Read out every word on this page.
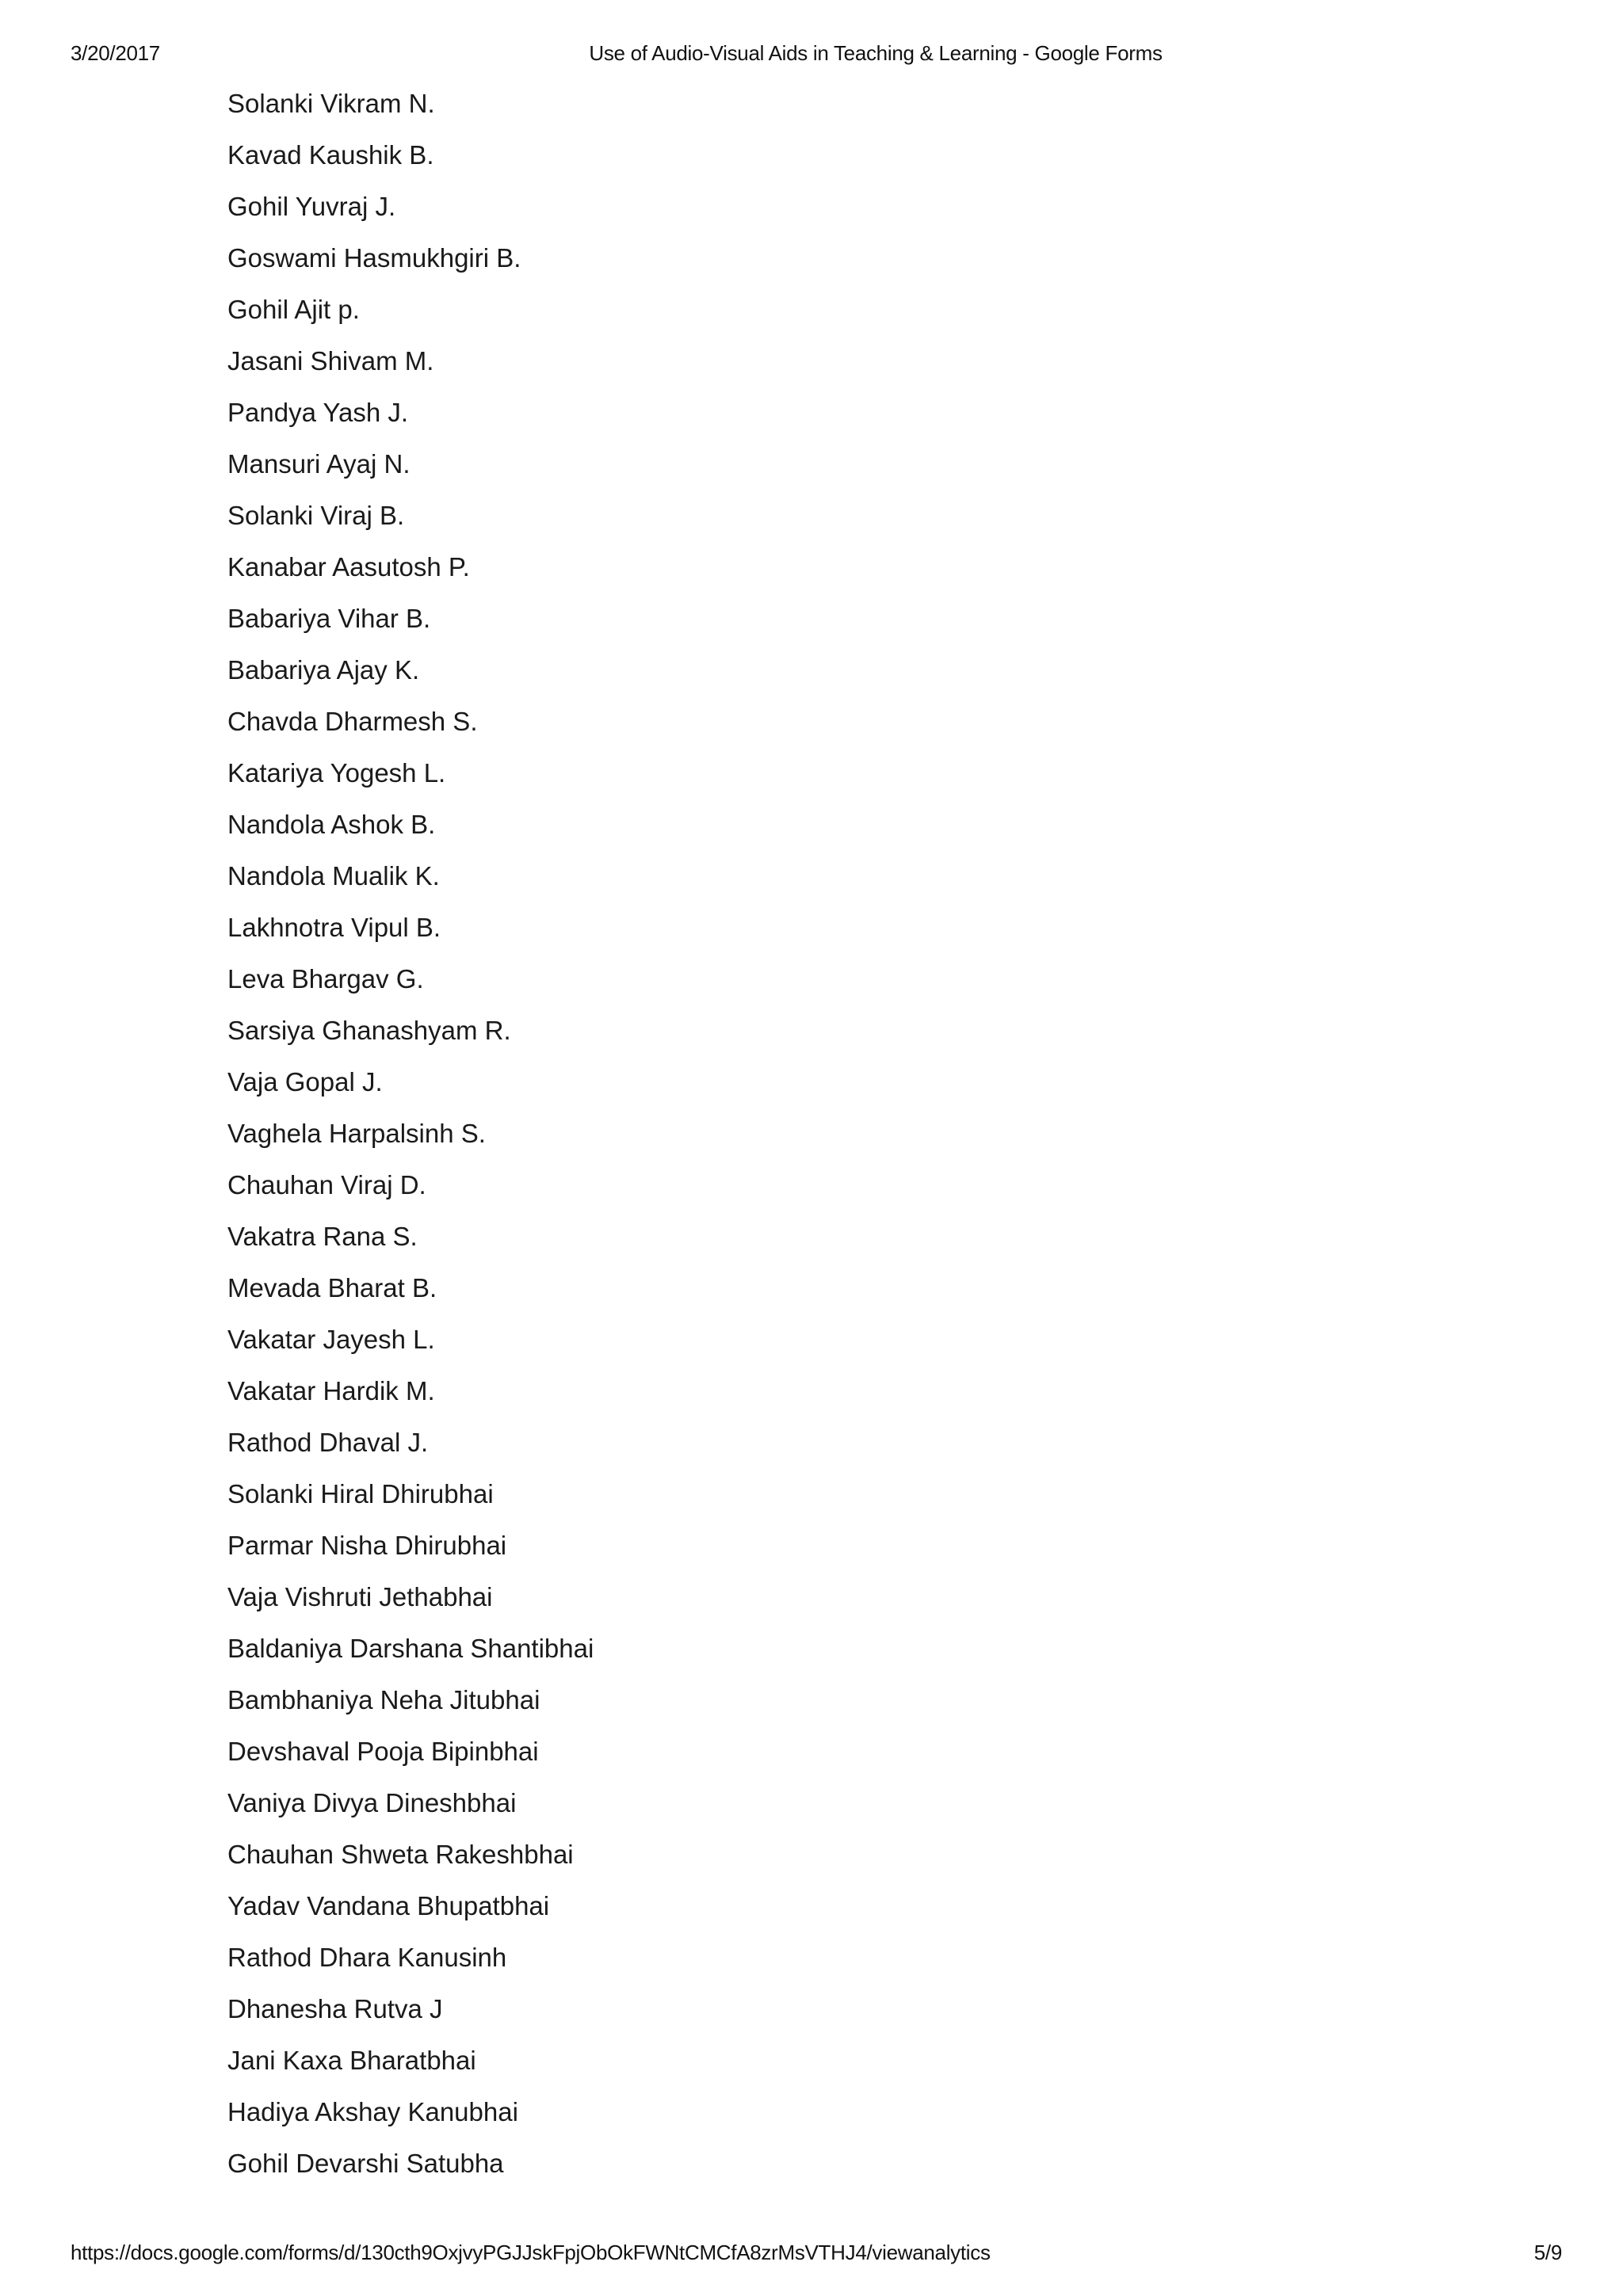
3/20/2017	Use of Audio-Visual Aids in Teaching & Learning - Google Forms
Solanki Vikram N.
Kavad Kaushik B.
Gohil Yuvraj J.
Goswami Hasmukhgiri B.
Gohil Ajit p.
Jasani Shivam M.
Pandya Yash J.
Mansuri Ayaj N.
Solanki Viraj B.
Kanabar Aasutosh P.
Babariya Vihar B.
Babariya Ajay K.
Chavda Dharmesh S.
Katariya Yogesh L.
Nandola Ashok B.
Nandola Mualik K.
Lakhnotra Vipul B.
Leva Bhargav G.
Sarsiya Ghanashyam R.
Vaja Gopal J.
Vaghela Harpalsinh S.
Chauhan Viraj D.
Vakatra Rana S.
Mevada Bharat B.
Vakatar Jayesh L.
Vakatar Hardik M.
Rathod Dhaval J.
Solanki Hiral Dhirubhai
Parmar Nisha Dhirubhai
Vaja Vishruti Jethabhai
Baldaniya Darshana Shantibhai
Bambhaniya Neha Jitubhai
Devshaval Pooja Bipinbhai
Vaniya Divya Dineshbhai
Chauhan Shweta Rakeshbhai
Yadav Vandana Bhupatbhai
Rathod Dhara Kanusinh
Dhanesha Rutva J
Jani Kaxa Bharatbhai
Hadiya Akshay Kanubhai
Gohil Devarshi Satubha
https://docs.google.com/forms/d/130cth9OxjvyPGJJskFpjObOkFWNtCMCfA8zrMsVTHJ4/viewanalytics	5/9
